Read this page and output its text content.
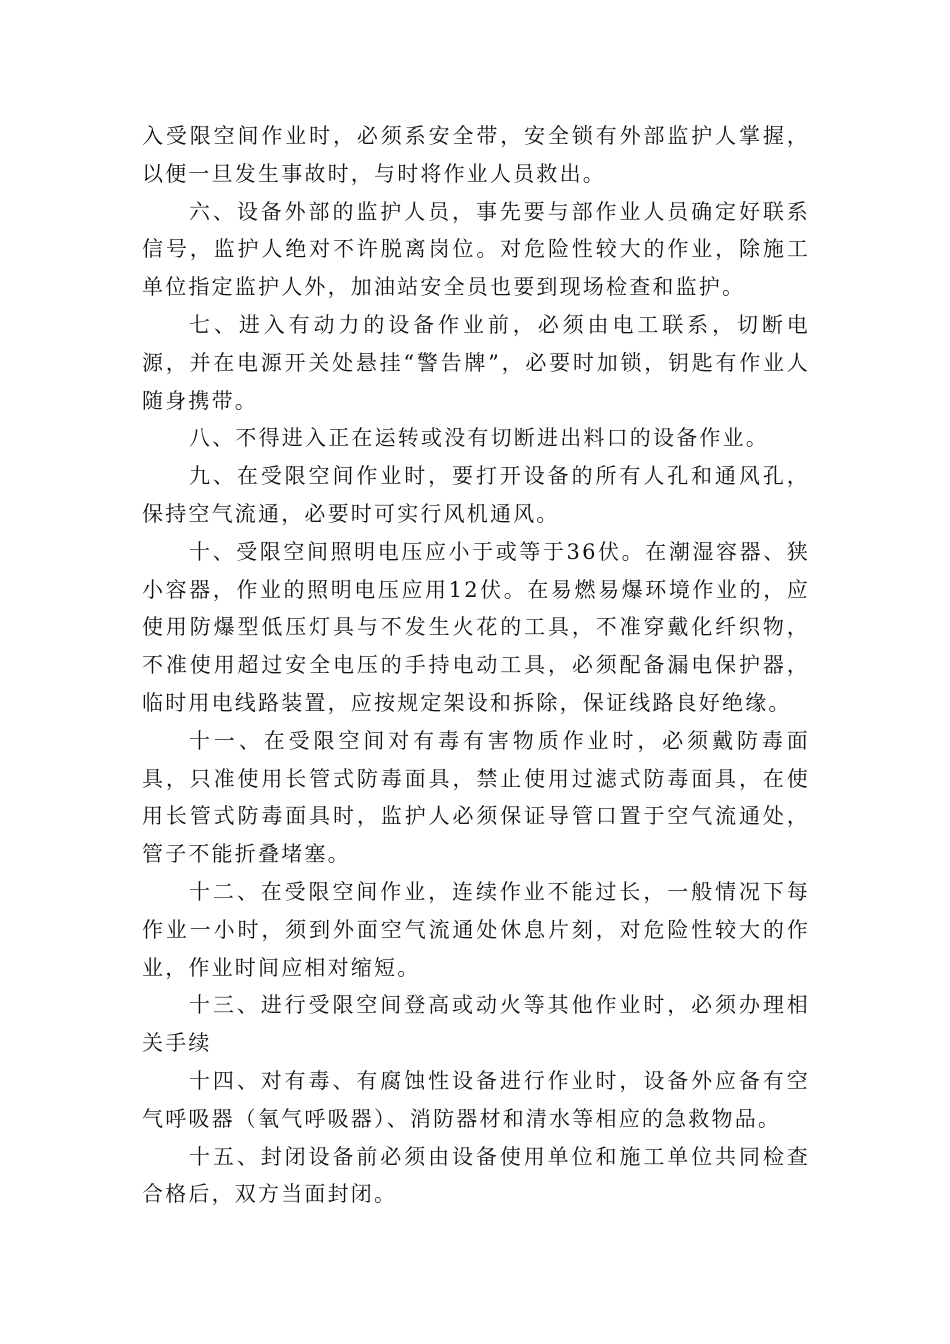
入受限空间作业时，必须系安全带，安全锁有外部监护人掌握，以便一旦发生事故时，与时将作业人员救出。

六、设备外部的监护人员，事先要与部作业人员确定好联系信号，监护人绝对不许脱离岗位。对危险性较大的作业，除施工单位指定监护人外，加油站安全员也要到现场检查和监护。

七、进入有动力的设备作业前，必须由电工联系，切断电源，并在电源开关处悬挂“警告牌”，必要时加锁，钥匙有作业人随身携带。

八、不得进入正在运转或没有切断进出料口的设备作业。

九、在受限空间作业时，要打开设备的所有人孔和通风孔，保持空气流通，必要时可实行风机通风。

十、受限空间照明电压应小于或等于36伏。在潮湿容器、狭小容器，作业的照明电压应用12伏。在易燃易爆环境作业的，应使用防爆型低压灯具与不发生火花的工具，不准穿戴化纤织物，不准使用超过安全电压的手持电动工具，必须配备漏电保护器，临时用电线路装置，应按规定架设和拆除，保证线路良好绝缘。

十一、在受限空间对有毒有害物质作业时，必须戴防毒面具，只准使用长管式防毒面具，禁止使用过滤式防毒面具，在使用长管式防毒面具时，监护人必须保证导管口置于空气流通处，管子不能折叠堵塞。

十二、在受限空间作业，连续作业不能过长，一般情况下每作业一小时，须到外面空气流通处休息片刻，对危险性较大的作业，作业时间应相对缩短。

十三、进行受限空间登高或动火等其他作业时，必须办理相关手续

十四、对有毒、有腐蚀性设备进行作业时，设备外应备有空气呼吸器（氧气呼吸器）、消防器材和清水等相应的急救物品。

十五、封闭设备前必须由设备使用单位和施工单位共同检查合格后，双方当面封闭。
